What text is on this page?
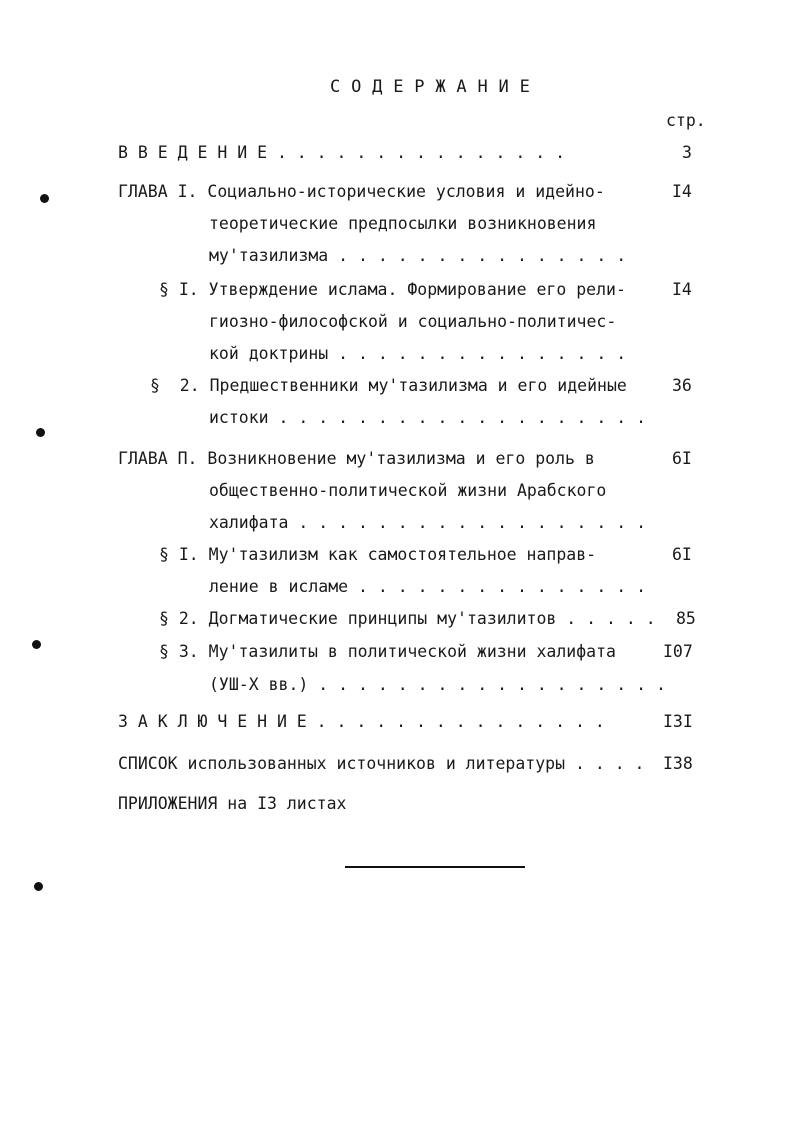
С О Д Е Р Ж А Н И Е
стр.
В В Е Д Е Н И Е . . . . . . . . . . . . . . .	3
ГЛАВА I. Социально-исторические условия и идейно-
теоретические предпосылки возникновения
му'тазилизма . . . . . . . . . . . . . . .
I4
§ I. Утверждение ислама. Формирование его рели-
гиозно-философской и социально-политичес-
кой доктрины . . . . . . . . . . . . . . .
I4
§  2. Предшественники му'тазилизма и его идейные
истоки . . . . . . . . . . . . . . . . . . .
36
ГЛАВА П. Возникновение му'тазилизма и его роль в
общественно-политической жизни Арабского
халифата . . . . . . . . . . . . . . . . . .
6I
§ I. Му'тазилизм как самостоятельное направ-
ление в исламе . . . . . . . . . . . . . . .
6I
§ 2. Догматические принципы му'тазилитов . . . . . 85
§ 3. Му'тазилиты в политической жизни халифата
(УШ-Х вв.) . . . . . . . . . . . . . . . . . .
I07
З А К Л Ю Ч Е Н И Е . . . . . . . . . . . . . . .	I3I
СПИСОК использованных источников и литературы . . . . I38
ПРИЛОЖЕНИЯ на I3 листах
